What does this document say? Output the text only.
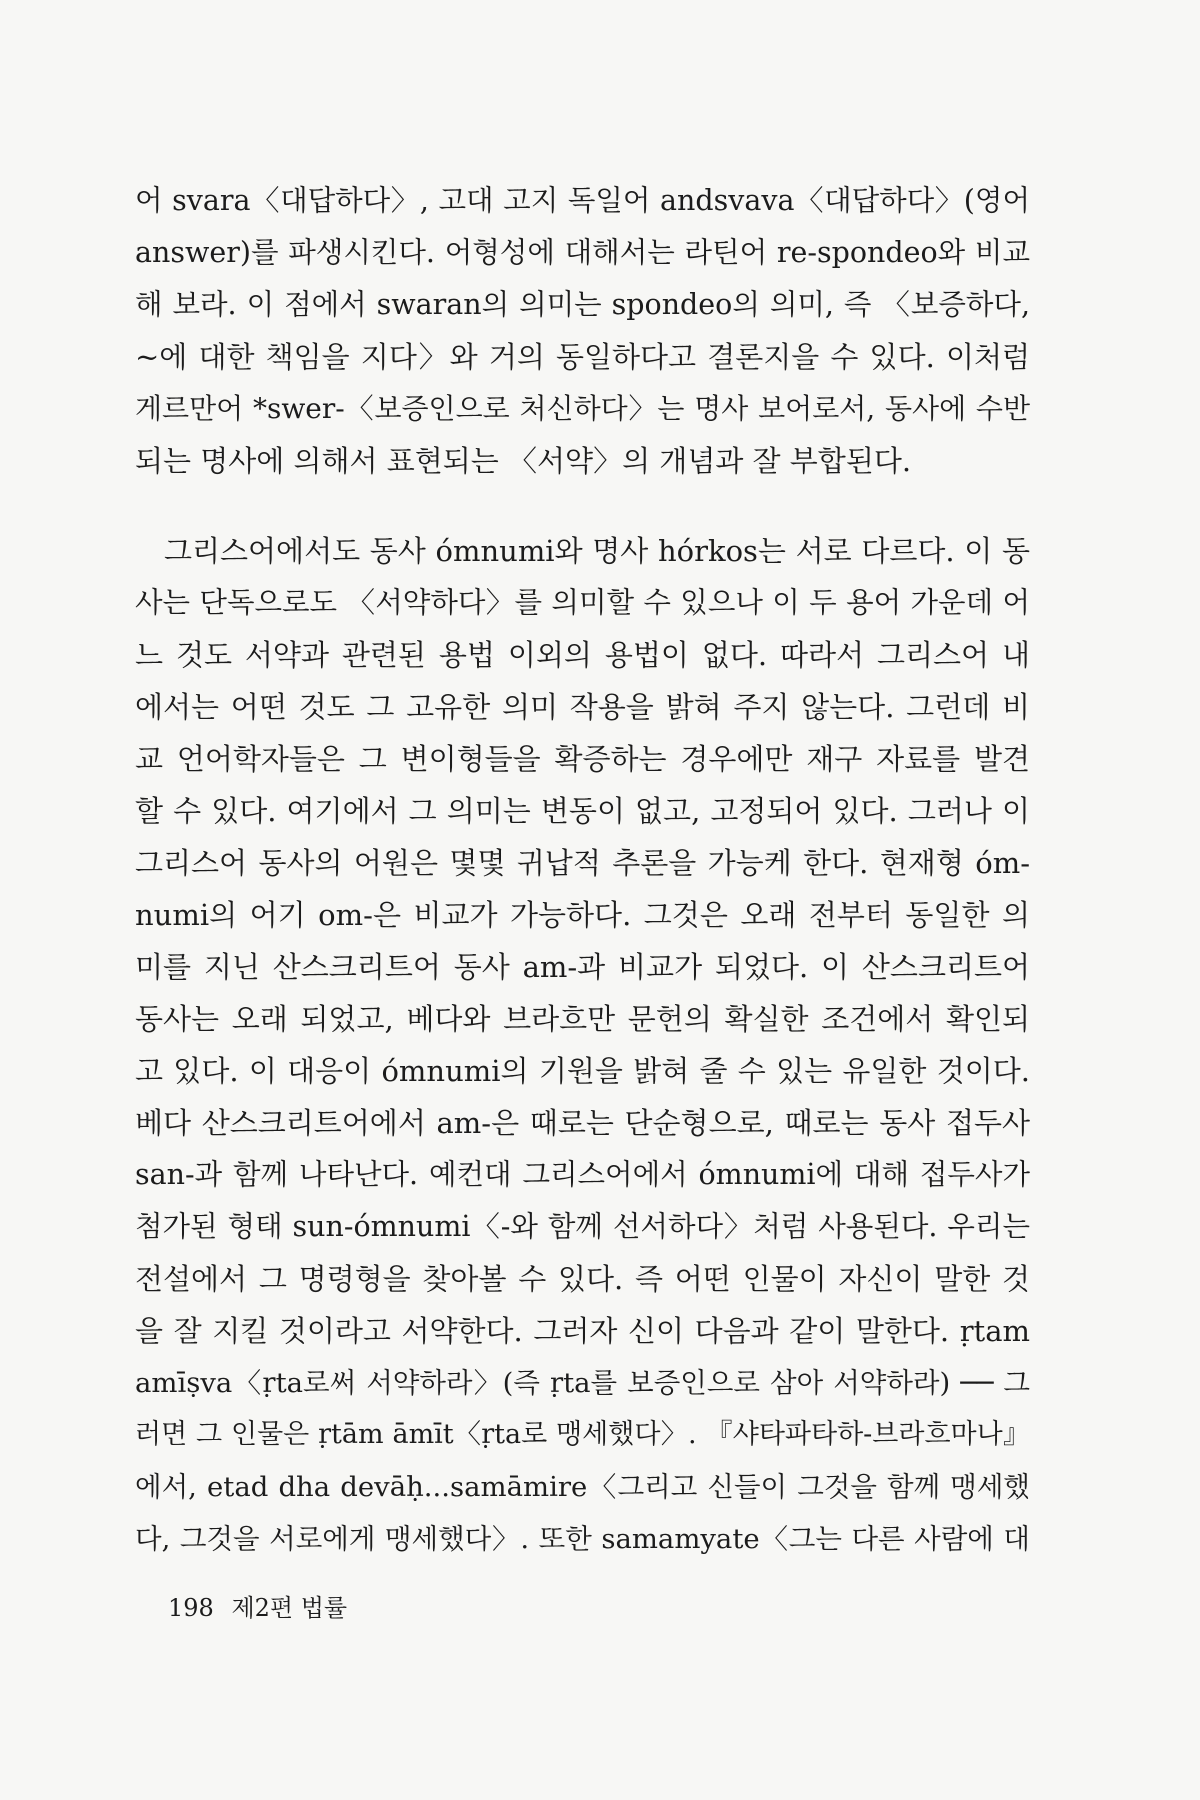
어 svara〈대답하다〉, 고대 고지 독일어 andsvava〈대답하다〉(영어
answer)를 파생시킨다. 어형성에 대해서는 라틴어 re-spondeo와 비교
해 보라. 이 점에서 swaran의 의미는 spondeo의 의미, 즉 〈보증하다,
~에 대한 책임을 지다〉와 거의 동일하다고 결론지을 수 있다. 이처럼
게르만어 *swer-〈보증인으로 처신하다〉는 명사 보어로서, 동사에 수반
되는 명사에 의해서 표현되는 〈서약〉의 개념과 잘 부합된다.
그리스어에서도 동사 ómnumi와 명사 hórkos는 서로 다르다. 이 동
사는 단독으로도 〈서약하다〉를 의미할 수 있으나 이 두 용어 가운데 어
느 것도 서약과 관련된 용법 이외의 용법이 없다. 따라서 그리스어 내
에서는 어떤 것도 그 고유한 의미 작용을 밝혀 주지 않는다. 그런데 비
교 언어학자들은 그 변이형들을 확증하는 경우에만 재구 자료를 발견
할 수 있다. 여기에서 그 의미는 변동이 없고, 고정되어 있다. 그러나 이
그리스어 동사의 어원은 몇몇 귀납적 추론을 가능케 한다. 현재형 óm-
numi의 어기 om-은 비교가 가능하다. 그것은 오래 전부터 동일한 의
미를 지닌 산스크리트어 동사 am-과 비교가 되었다. 이 산스크리트어
동사는 오래 되었고, 베다와 브라흐만 문헌의 확실한 조건에서 확인되
고 있다. 이 대응이 ómnumi의 기원을 밝혀 줄 수 있는 유일한 것이다.
베다 산스크리트어에서 am-은 때로는 단순형으로, 때로는 동사 접두사
san-과 함께 나타난다. 예컨대 그리스어에서 ómnumi에 대해 접두사가
첨가된 형태 sun-ómnumi〈-와 함께 선서하다〉처럼 사용된다. 우리는
전설에서 그 명령형을 찾아볼 수 있다. 즉 어떤 인물이 자신이 말한 것
을 잘 지킬 것이라고 서약한다. 그러자 신이 다음과 같이 말한다. ṛtam
amīṣva〈ṛta로써 서약하라〉(즉 ṛta를 보증인으로 삼아 서약하라) ── 그
러면 그 인물은 ṛtām āmīt〈ṛta로 맹세했다〉. 『샤타파타하-브라흐마나』
에서, etad dha devāḥ...samāmire〈그리고 신들이 그것을 함께 맹세했
다, 그것을 서로에게 맹세했다〉. 또한 samamyate〈그는 다른 사람에 대
198 제2편 법률
